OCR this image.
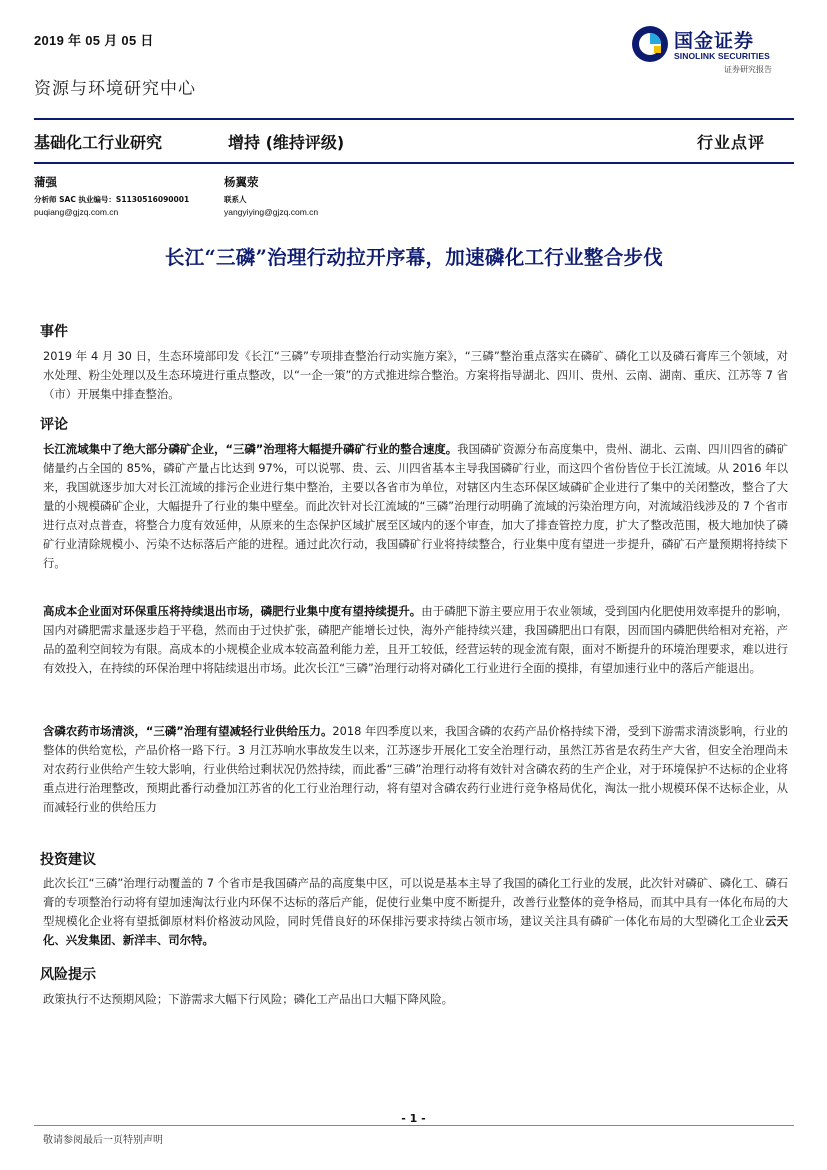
2019 年 05 月 05 日	国金证券
SINOLINK SECURITIES
证券研究报告
资源与环境研究中心
基础化工行业研究	增持 (维持评级)	行业点评
蒲强
分析师 SAC 执业编号：S1130516090001
puqiang@gjzq.com.cn
杨翼荥
联系人
yangyiying@gjzq.com.cn
长江“三磷”治理行动拉开序幕，加速磷化工行业整合步伐
事件
2019 年 4 月 30 日，生态环境部印发《长江“三磷”专项排查整治行动实施方案》，“三磷”整治重点落实在磷矿、磷化工以及磷石膏库三个领域，对水处理、粉尘处理以及生态环境进行重点整改，以“一企一策”的方式推进综合整治。方案将指导湖北、四川、贵州、云南、湖南、重庆、江苏等 7 省（市）开展集中排查整治。
评论
长江流域集中了绝大部分磷矿企业，“三磷”治理将大幅提升磷矿行业的整合速度。我国磷矿资源分布高度集中，贵州、湖北、云南、四川四省的磷矿储量约占全国的 85%，磷矿产量占比达到 97%，可以说鄂、贵、云、川四省基本主导我国磷矿行业，而这四个省份皆位于长江流域。从 2016 年以来，我国就逐步加大对长江流域的排污企业进行集中整治，主要以各省市为单位，对辖区内生态环保区域磷矿企业进行了集中的关闭整改，整合了大量的小规模磷矿企业，大幅提升了行业的集中壁垒。而此次针对长江流域的“三磷”治理行动明确了流域的污染治理方向，对流域沿线涉及的 7 个省市进行点对点普查，将整合力度有效延伸，从原来的生态保护区域扩展至区域内的逐个审查，加大了排查管控力度，扩大了整改范围，极大地加快了磷矿行业清除规模小、污染不达标落后产能的进程。通过此次行动，我国磷矿行业将持续整合，行业集中度有望进一步提升，磷矿石产量预期将持续下行。
高成本企业面对环保重压将持续退出市场，磷肥行业集中度有望持续提升。由于磷肥下游主要应用于农业领域，受到国内化肥使用效率提升的影响，国内对磷肥需求量逐步趋于平稳，然而由于过快扩张，磷肥产能增长过快，海外产能持续兴建，我国磷肥出口有限，因而国内磷肥供给相对充裕，产品的盈利空间较为有限。高成本的小规模企业成本较高盈利能力差，且开工较低，经营运转的现金流有限，面对不断提升的环境治理要求，难以进行有效投入，在持续的环保治理中将陆续退出市场。此次长江“三磷”治理行动将对磷化工行业进行全面的摸排，有望加速行业中的落后产能退出。
含磷农药市场清淡，“三磷”治理有望减轻行业供给压力。2018 年四季度以来，我国含磷的农药产品价格持续下滑，受到下游需求清淡影响，行业的整体的供给宽松，产品价格一路下行。3 月江苏响水事故发生以来，江苏逐步开展化工安全治理行动，虽然江苏省是农药生产大省，但安全治理尚未对农药行业供给产生较大影响，行业供给过剩状况仍然持续，而此番“三磷”治理行动将有效针对含磷农药的生产企业，对于环境保护不达标的企业将重点进行治理整改，预期此番行动叠加江苏省的化工行业治理行动，将有望对含磷农药行业进行竞争格局优化，淘汰一批小规模环保不达标企业，从而减轻行业的供给压力
投资建议
此次长江“三磷”治理行动覆盖的 7 个省市是我国磷产品的高度集中区，可以说是基本主导了我国的磷化工行业的发展，此次针对磷矿、磷化工、磷石膏的专项整治行动将有望加速淘汰行业内环保不达标的落后产能，促使行业集中度不断提升，改善行业整体的竞争格局，而其中具有一体化布局的大型规模化企业将有望抵御原材料价格波动风险，同时凭借良好的环保排污要求持续占领市场，建议关注具有磷矿一体化布局的大型磷化工企业云天化、兴发集团、新洋丰、司尔特。
风险提示
政策执行不达预期风险；下游需求大幅下行风险；磷化工产品出口大幅下降风险。
- 1 -
敬请参阅最后一页特别声明
